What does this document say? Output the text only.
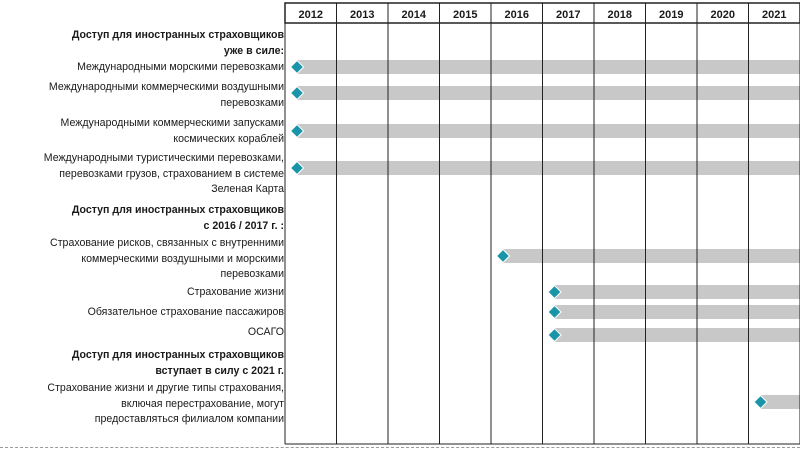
2012 2013 2014 2015 2016 2017 2018 2019 2020 2021
Доступ для иностранных страховщиков
уже в силе:
Международными морскими перевозками
Международными коммерческими воздушными
перевозками
Международными коммерческими запусками
космических кораблей
Международными туристическими перевозками,
перевозками грузов, страхованием в системе
Зеленая Карта
Доступ для иностранных страховщиков
с 2016 / 2017 г. :
Страхование рисков, связанных с внутренними
коммерческими воздушными и морскими
перевозками
Страхование жизни
Обязательное страхование пассажиров
ОСАГО
Доступ для иностранных страховщиков
вступает в силу с 2021 г.
Страхование жизни и другие типы страхования,
включая перестрахование, могут
предоставляться филиалом компании
